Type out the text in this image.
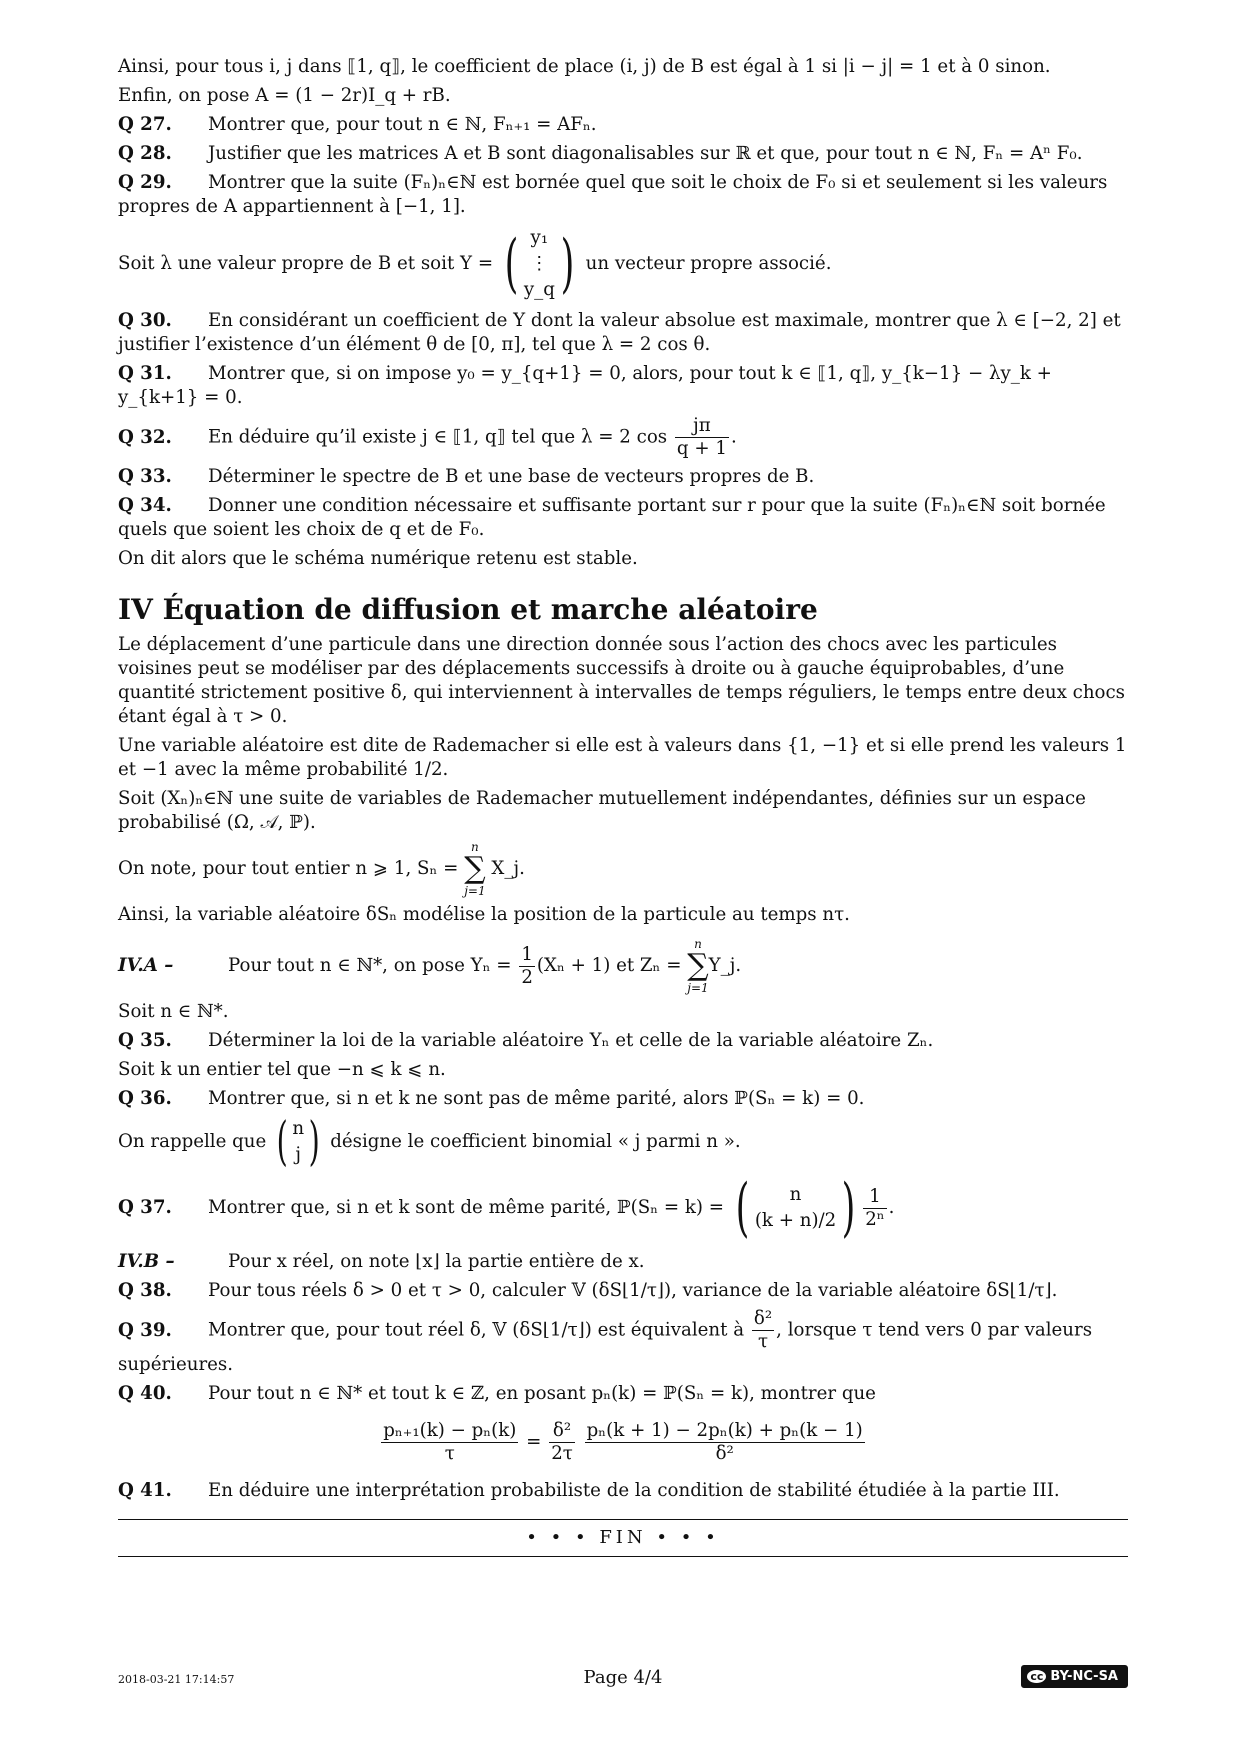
Ainsi, pour tous i, j dans ⟦1, q⟧, le coefficient de place (i, j) de B est égal à 1 si |i − j| = 1 et à 0 sinon.

Enfin, on pose A = (1 − 2r)I_q + rB.

Q 27. Montrer que, pour tout n ∈ ℕ, Fₙ₊₁ = AFₙ.

Q 28. Justifier que les matrices A et B sont diagonalisables sur ℝ et que, pour tout n ∈ ℕ, Fₙ = Aⁿ F₀.

Q 29. Montrer que la suite (Fₙ)ₙ∈ℕ est bornée quel que soit le choix de F₀ si et seulement si les valeurs propres de A appartiennent à [−1, 1].

Soit λ une valeur propre de B et soit Y = ( y₁
⋮
y_q ) un vecteur propre associé.

Q 30. En considérant un coefficient de Y dont la valeur absolue est maximale, montrer que λ ∈ [−2, 2] et justifier l’existence d’un élément θ de [0, π], tel que λ = 2 cos θ.

Q 31. Montrer que, si on impose y₀ = y_{q+1} = 0, alors, pour tout k ∈ ⟦1, q⟧, y_{k−1} − λy_k + y_{k+1} = 0.

Q 32. En déduire qu’il existe j ∈ ⟦1, q⟧ tel que λ = 2 $\cos \frac{j\pi}{q + 1}$ .

Q 33. Déterminer le spectre de B et une base de vecteurs propres de B.

Q 34. Donner une condition nécessaire et suffisante portant sur r pour que la suite (Fₙ)ₙ∈ℕ soit bornée quels que soient les choix de q et de F₀.

On dit alors que le schéma numérique retenu est stable.

IV Équation de diffusion et marche aléatoire

Le déplacement d’une particule dans une direction donnée sous l’action des chocs avec les particules voisines peut se modéliser par des déplacements successifs à droite ou à gauche équiprobables, d’une quantité strictement positive δ, qui interviennent à intervalles de temps réguliers, le temps entre deux chocs étant égal à τ > 0.

Une variable aléatoire est dite de Rademacher si elle est à valeurs dans {1, −1} et si elle prend les valeurs 1 et −1 avec la même probabilité 1/2.

Soit (Xₙ)ₙ∈ℕ une suite de variables de Rademacher mutuellement indépendantes, définies sur un espace probabilisé (Ω, 𝒜, ℙ).

On note, pour tout entier n ⩾ 1, Sₙ =
n
∑
j=1
X_j.

Ainsi, la variable aléatoire δSₙ modélise la position de la particule au temps nτ.

IV.A –	Pour tout n ∈ ℕ*, on pose $Y_n = \frac{1}{2} (X_n + 1)$ et Zₙ =
n
∑
j=1
Y_j.

Soit n ∈ ℕ*.

Q 35. Déterminer la loi de la variable aléatoire Yₙ et celle de la variable aléatoire Zₙ.

Soit k un entier tel que −n ⩽ k ⩽ n.

Q 36. Montrer que, si n et k ne sont pas de même parité, alors ℙ(Sₙ = k) = 0.

On rappelle que ( n
j ) désigne le coefficient binomial « j parmi n ».

Q 37. Montrer que, si n et k sont de même parité, ℙ(Sₙ = k) = (	n
(k + n)/2 ) $\frac{1}{\text{2ⁿ}}$ .

IV.B –	Pour x réel, on note ⌊x⌋ la partie entière de x.

Q 38. Pour tous réels δ > 0 et τ > 0, calculer 𝕍 (δS⌊1/τ⌋), variance de la variable aléatoire δS⌊1/τ⌋.

Q 39. Montrer que, pour tout réel δ, 𝕍 (δS⌊1/τ⌋) est équivalent à $\frac{\text{δ²}}{\tau}$ , lorsque τ tend vers 0 par valeurs supérieures.

Q 40. Pour tout n ∈ ℕ* et tout k ∈ ℤ, en posant pₙ(k) = ℙ(Sₙ = k), montrer que

$\frac{\text{pₙ₊₁(k) − pₙ(k)}}{\tau} = \frac{\text{δ²}}{2\tau}$
$\frac{\text{pₙ(k + 1) − 2pₙ(k) + pₙ(k − 1)}}{\text{δ²}}$

Q 41. En déduire une interprétation probabiliste de la condition de stabilité étudiée à la partie III.

• • • FIN • • •
2018-03-21 17:14:57	Page 4/4	cc BY-NC-SA
